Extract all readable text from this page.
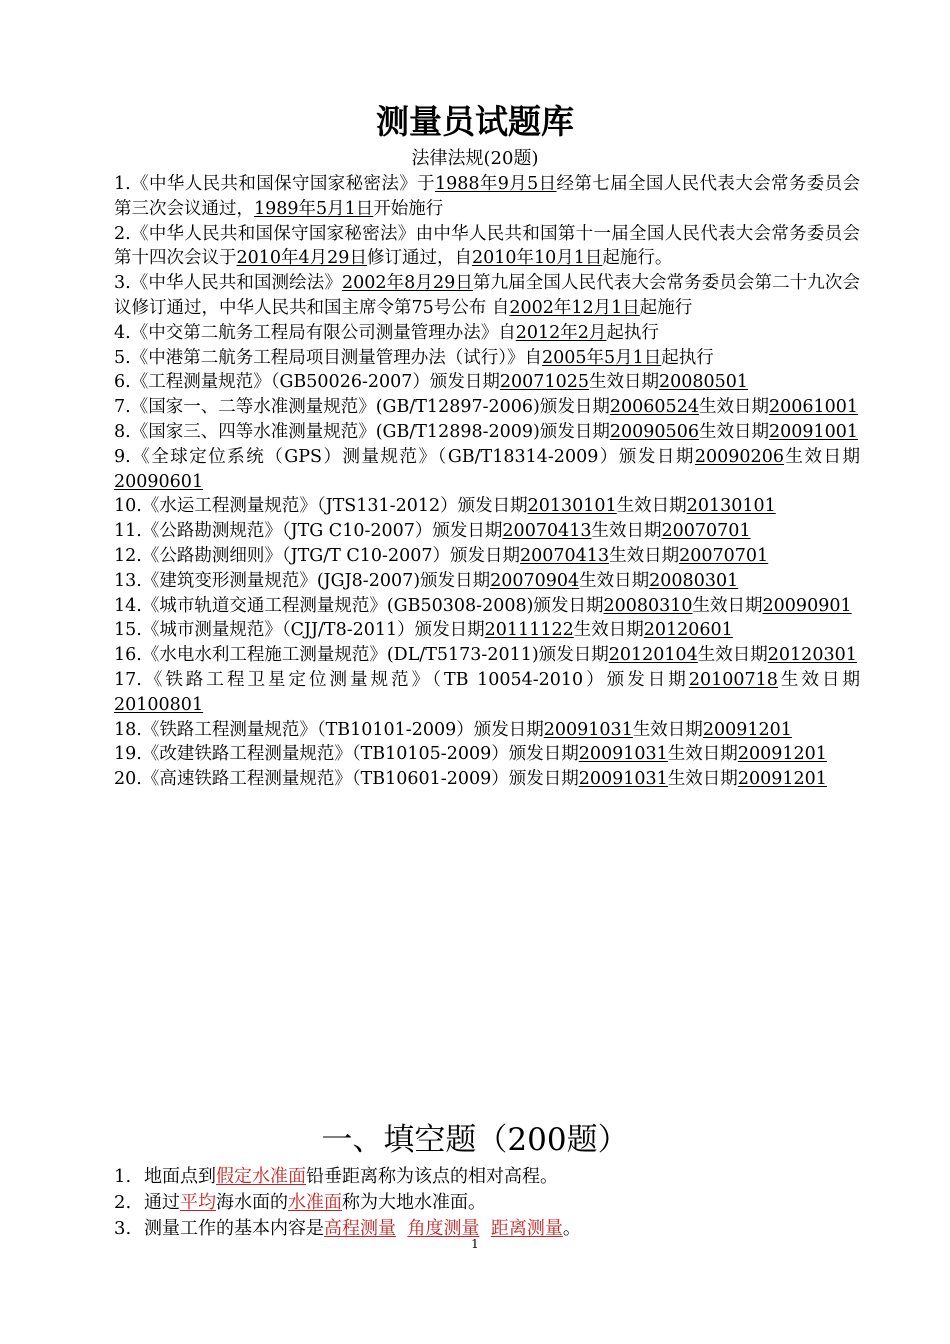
测量员试题库
法律法规(20题)

1.《中华人民共和国保守国家秘密法》于1988年9月5日经第七届全国人民代表大会常务委员会第三次会议通过，1989年5月1日开始施行

2.《中华人民共和国保守国家秘密法》由中华人民共和国第十一届全国人民代表大会常务委员会第十四次会议于2010年4月29日修订通过，自2010年10月1日起施行。

3.《中华人民共和国测绘法》2002年8月29日第九届全国人民代表大会常务委员会第二十九次会议修订通过，中华人民共和国主席令第75号公布 自2002年12月1日起施行

4.《中交第二航务工程局有限公司测量管理办法》自2012年2月起执行

5.《中港第二航务工程局项目测量管理办法（试行）》自2005年5月1日起执行

6.《工程测量规范》（GB50026-2007）颁发日期20071025生效日期20080501

7.《国家一、二等水准测量规范》(GB/T12897-2006)颁发日期20060524生效日期20061001

8.《国家三、四等水准测量规范》(GB/T12898-2009)颁发日期20090506生效日期20091001

9.《全球定位系统（GPS）测量规范》（GB/T18314-2009）颁发日期20090206生效日期20090601

10.《水运工程测量规范》（JTS131-2012）颁发日期20130101生效日期20130101

11.《公路勘测规范》（JTG C10-2007）颁发日期20070413生效日期20070701

12.《公路勘测细则》（JTG/T C10-2007）颁发日期20070413生效日期20070701

13.《建筑变形测量规范》(JGJ8-2007)颁发日期20070904生效日期20080301

14.《城市轨道交通工程测量规范》(GB50308-2008)颁发日期20080310生效日期20090901

15.《城市测量规范》（CJJ/T8-2011）颁发日期20111122生效日期20120601

16.《水电水利工程施工测量规范》(DL/T5173-2011)颁发日期20120104生效日期20120301

17.《铁路工程卫星定位测量规范》（TB 10054-2010）颁发日期20100718生效日期20100801

18.《铁路工程测量规范》（TB10101-2009）颁发日期20091031生效日期20091201

19.《改建铁路工程测量规范》（TB10105-2009）颁发日期20091031生效日期20091201

20.《高速铁路工程测量规范》（TB10601-2009）颁发日期20091031生效日期20091201

一、填空题（200题）

1. 地面点到假定水准面铅垂距离称为该点的相对高程。

2. 通过平均海水面的水准面称为大地水准面。

3. 测量工作的基本内容是高程测量 角度测量 距离测量。

1
